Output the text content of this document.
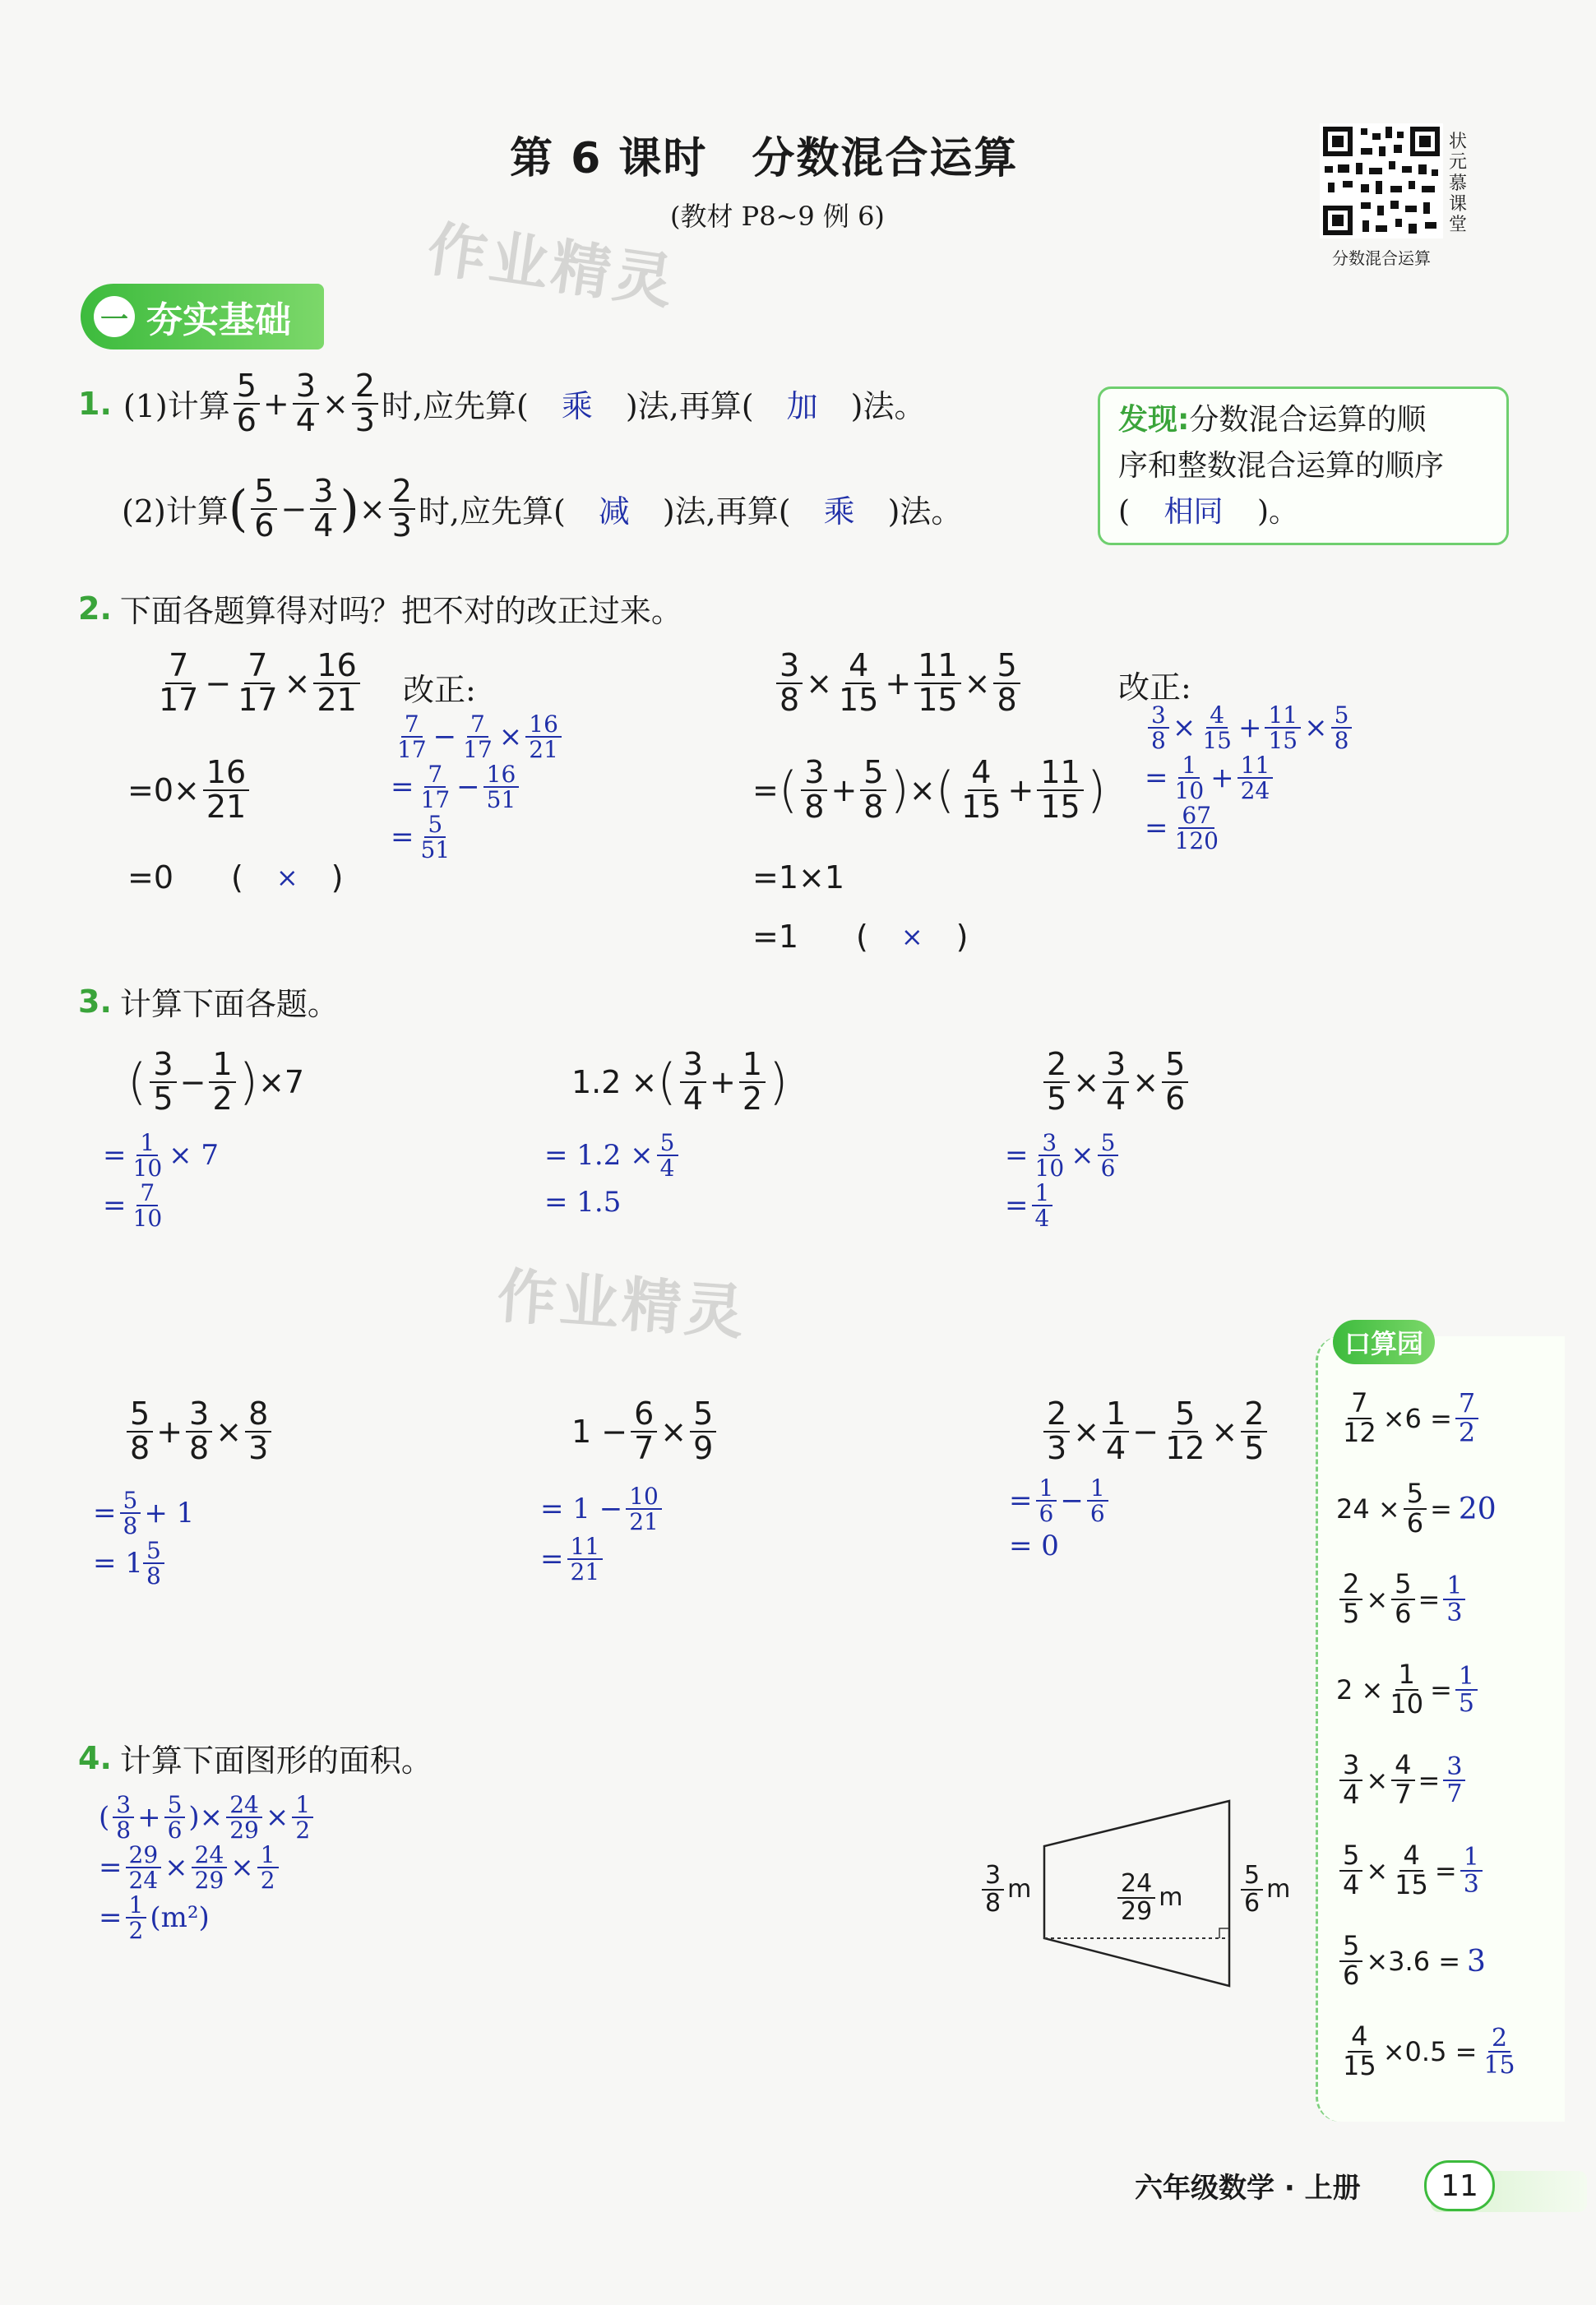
第 6 课时　分数混合运算
(教材 P8~9 例 6)
状元慕课堂
分数混合运算
作业精灵
作业精灵
一 夯实基础
1. (1)计算 $\frac{5}{6} + \frac{3}{4} \times \frac{2}{3}$ 时,应先算( 乘 )法,再算( 加 )法。
(2)计算 ( $\frac{5}{6} - \frac{3}{4}$ ) × $\frac{2}{3}$ 时,应先算( 减 )法,再算( 乘 )法。
发现:分数混合运算的顺
序和整数混合运算的顺序
( 相同 )。
2. 下面各题算得对吗？把不对的改正过来。
$\frac{7}{17} - \frac{7}{17} \times \frac{16}{21}$
$=0\times \frac{16}{21}$
=0 ( × )
改正:
$\frac{7}{17} - \frac{7}{17} \times \frac{16}{21}$
= $\frac{7}{17} - \frac{16}{51}$
= $\frac{5}{51}$
$\frac{3}{8} \times \frac{4}{15} + \frac{11}{15} \times \frac{5}{8}$
= ( $\frac{3}{8} + \frac{5}{8}$ ) × ( $\frac{4}{15} + \frac{11}{15}$ )
=1×1
=1 ( × )
改正:
$\frac{3}{8} \times \frac{4}{15} + \frac{11}{15} \times \frac{5}{8}$
= $\frac{1}{10} + \frac{11}{24}$
= $\frac{67}{120}$
3. 计算下面各题。
( $\frac{3}{5} - \frac{1}{2}$ ) ×7
= $\frac{1}{10} \times 7$
= $\frac{7}{10}$
1.2 × ( $\frac{3}{4} + \frac{1}{2}$ )
= $1.2 \times \frac{5}{4}$
= 1.5
$\frac{2}{5} \times \frac{3}{4} \times \frac{5}{6}$
= $\frac{3}{10} \times \frac{5}{6}$
= $\frac{1}{4}$
$\frac{5}{8} + \frac{3}{8} \times \frac{8}{3}$
= $\frac{5}{8} + 1$
= $1 \frac{5}{8}$
$1 - \frac{6}{7} \times \frac{5}{9}$
= $1 - \frac{10}{21}$
= $\frac{11}{21}$
$\frac{2}{3} \times \frac{1}{4} - \frac{5}{12} \times \frac{2}{5}$
= $\frac{1}{6} - \frac{1}{6}$
= 0
口算园
$\frac{7}{12} \times 6 = \frac{7}{2}$
$24 \times \frac{5}{6} = 20$
$\frac{2}{5} \times \frac{5}{6} = \frac{1}{3}$
$2 \times \frac{1}{10} = \frac{1}{5}$
$\frac{3}{4} \times \frac{4}{7} = \frac{3}{7}$
$\frac{5}{4} \times \frac{4}{15} = \frac{1}{3}$
$\frac{5}{6} \times 3.6 = 3$
$\frac{4}{15} \times 0.5 = \frac{2}{15}$
4. 计算下面图形的面积。
( $\frac{3}{8} + \frac{5}{6}$ )× $\frac{24}{29} \times \frac{1}{2}$
= $\frac{29}{24} \times \frac{24}{29} \times \frac{1}{2}$
= $\frac{1}{2} (m^2)$
$\frac{3}{8}$ m	$\frac{24}{29}$ m $\frac{5}{6}$ m
六年级数学 · 上册	11
